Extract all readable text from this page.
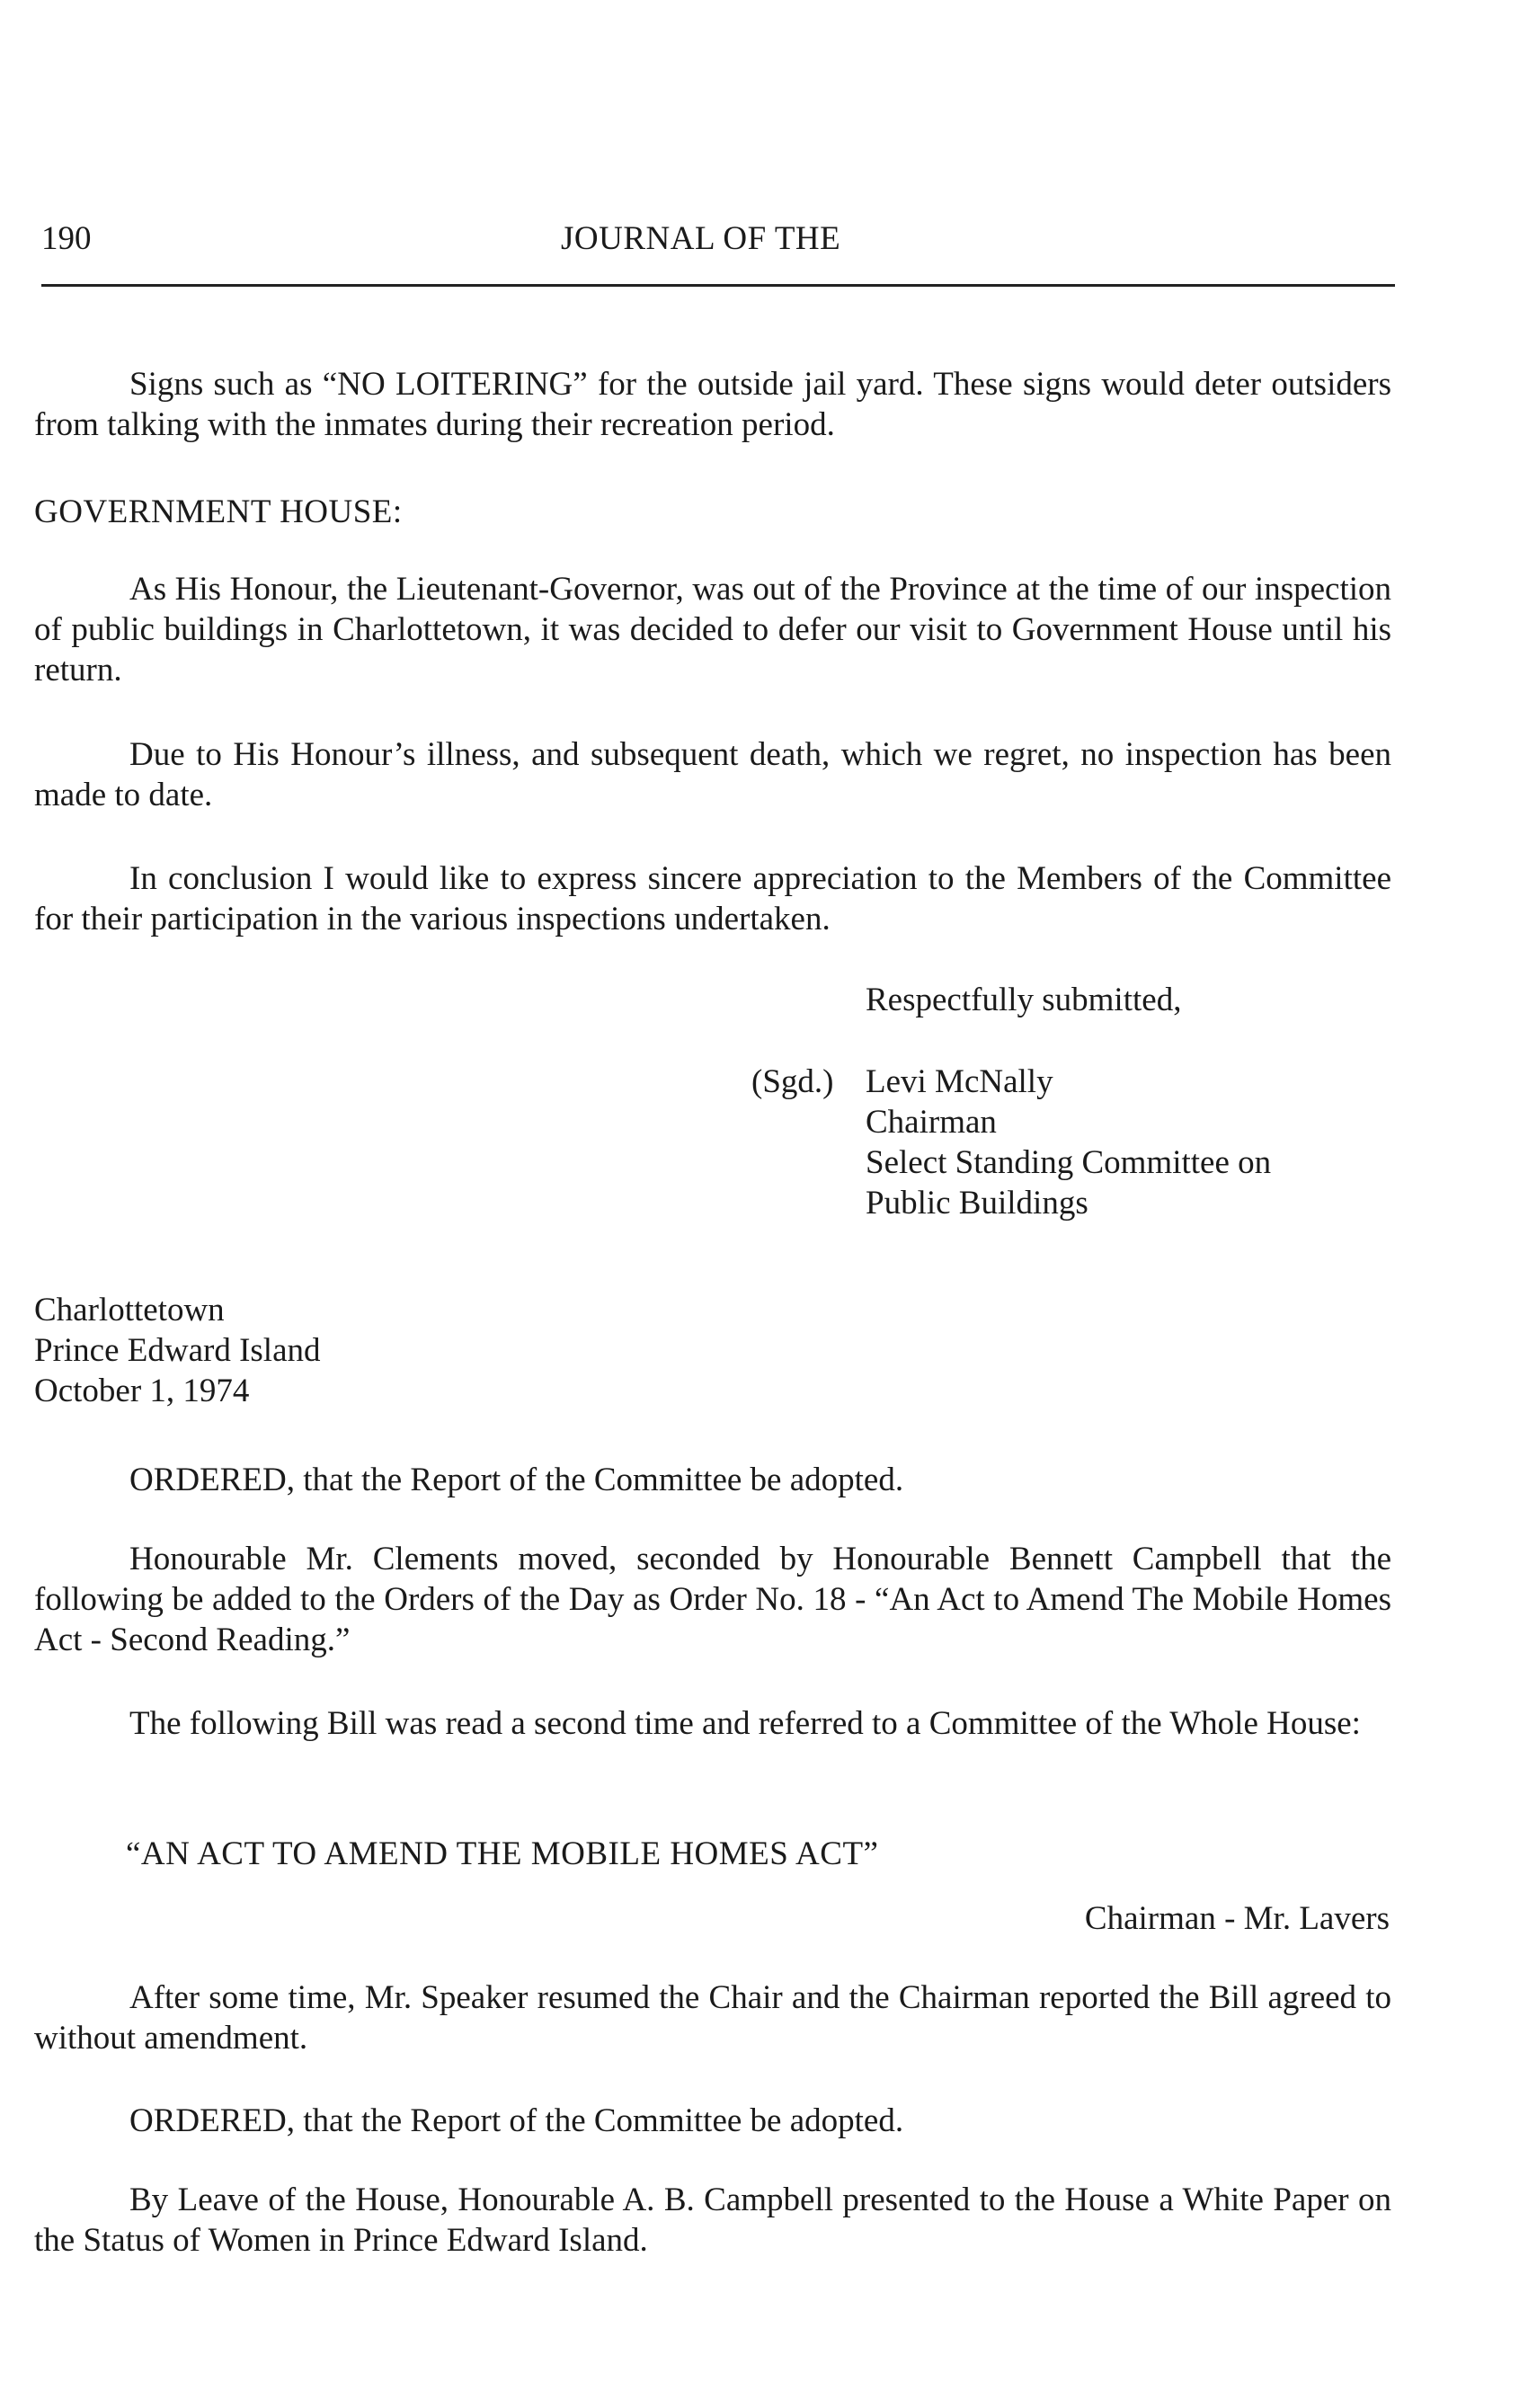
190	JOURNAL OF THE

Signs such as “NO LOITERING” for the outside jail yard. These signs would deter outsiders from talking with the inmates during their recreation period.

GOVERNMENT HOUSE:

As His Honour, the Lieutenant-Governor, was out of the Province at the time of our inspection of public buildings in Charlottetown, it was decided to defer our visit to Government House until his return.

Due to His Honour’s illness, and subsequent death, which we regret, no inspection has been made to date.

In conclusion I would like to express sincere appreciation to the Members of the Committee for their participation in the various inspections undertaken.

Respectfully submitted,
(Sgd.) Levi McNally
Chairman
Select Standing Committee on
Public Buildings
Charlottetown
Prince Edward Island
October 1, 1974

ORDERED, that the Report of the Committee be adopted.

Honourable Mr. Clements moved, seconded by Honourable Bennett Campbell that the following be added to the Orders of the Day as Order No. 18 - “An Act to Amend The Mobile Homes Act - Second Reading.”

The following Bill was read a second time and referred to a Committee of the Whole House:

“AN ACT TO AMEND THE MOBILE HOMES ACT”
Chairman - Mr. Lavers

After some time, Mr. Speaker resumed the Chair and the Chairman reported the Bill agreed to without amendment.

ORDERED, that the Report of the Committee be adopted.

By Leave of the House, Honourable A. B. Campbell presented to the House a White Paper on the Status of Women in Prince Edward Island.
